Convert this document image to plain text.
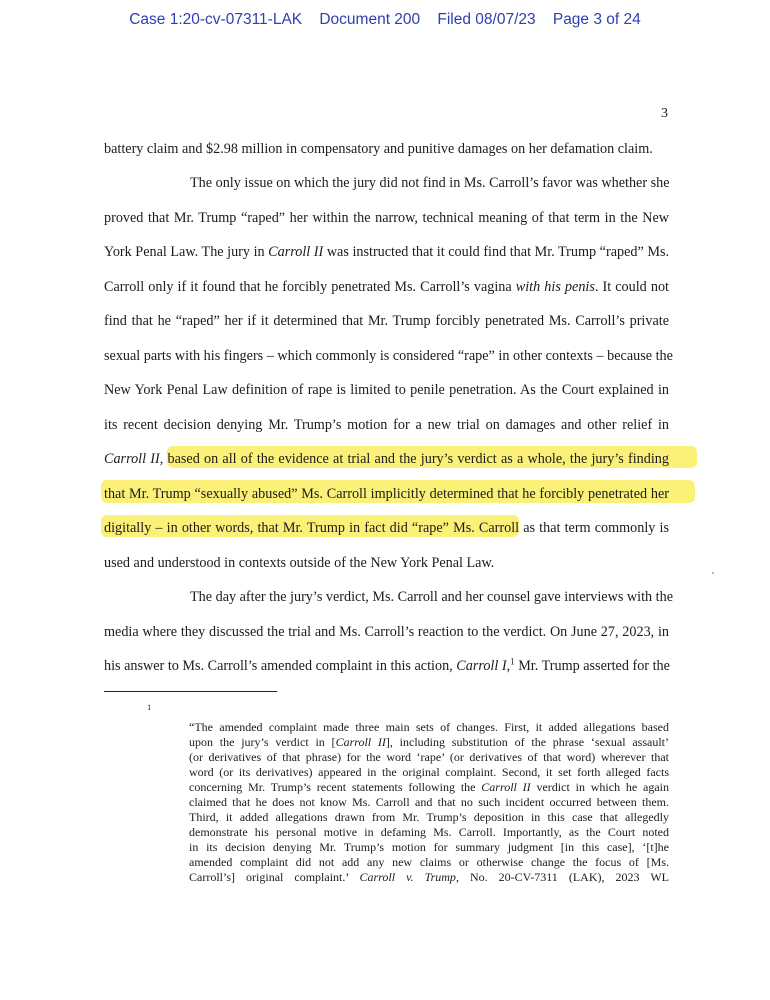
Case 1:20-cv-07311-LAK    Document 200    Filed 08/07/23    Page 3 of 24
3
battery claim and $2.98 million in compensatory and punitive damages on her defamation claim.
The only issue on which the jury did not find in Ms. Carroll’s favor was whether she
proved that Mr. Trump “raped” her within the narrow, technical meaning of that term in the New
York Penal Law. The jury in Carroll II was instructed that it could find that Mr. Trump “raped” Ms.
Carroll only if it found that he forcibly penetrated Ms. Carroll’s vagina with his penis. It could not
find that he “raped” her if it determined that Mr. Trump forcibly penetrated Ms. Carroll’s private
sexual parts with his fingers – which commonly is considered “rape” in other contexts – because the
New York Penal Law definition of rape is limited to penile penetration. As the Court explained in
its recent decision denying Mr. Trump’s motion for a new trial on damages and other relief in
Carroll II, based on all of the evidence at trial and the jury’s verdict as a whole, the jury’s finding
that Mr. Trump “sexually abused” Ms. Carroll implicitly determined that he forcibly penetrated her
digitally – in other words, that Mr. Trump in fact did “rape” Ms. Carroll as that term commonly is
used and understood in contexts outside of the New York Penal Law.
The day after the jury’s verdict, Ms. Carroll and her counsel gave interviews with the
media where they discussed the trial and Ms. Carroll’s reaction to the verdict. On June 27, 2023, in
his answer to Ms. Carroll’s amended complaint in this action, Carroll I,$^1$ Mr. Trump asserted for the
1
“The amended complaint made three main sets of changes. First, it added allegations based
upon the jury’s verdict in [Carroll II], including substitution of the phrase ‘sexual assault’
(or derivatives of that phrase) for the word ‘rape’ (or derivatives of that word) wherever that
word (or its derivatives) appeared in the original complaint. Second, it set forth alleged facts
concerning Mr. Trump’s recent statements following the Carroll II verdict in which he again
claimed that he does not know Ms. Carroll and that no such incident occurred between them.
Third, it added allegations drawn from Mr. Trump’s deposition in this case that allegedly
demonstrate his personal motive in defaming Ms. Carroll. Importantly, as the Court noted
in its decision denying Mr. Trump’s motion for summary judgment [in this case], ‘[t]he
amended complaint did not add any new claims or otherwise change the focus of [Ms.
Carroll’s] original complaint.’ Carroll v. Trump, No. 20-CV-7311 (LAK), 2023 WL
